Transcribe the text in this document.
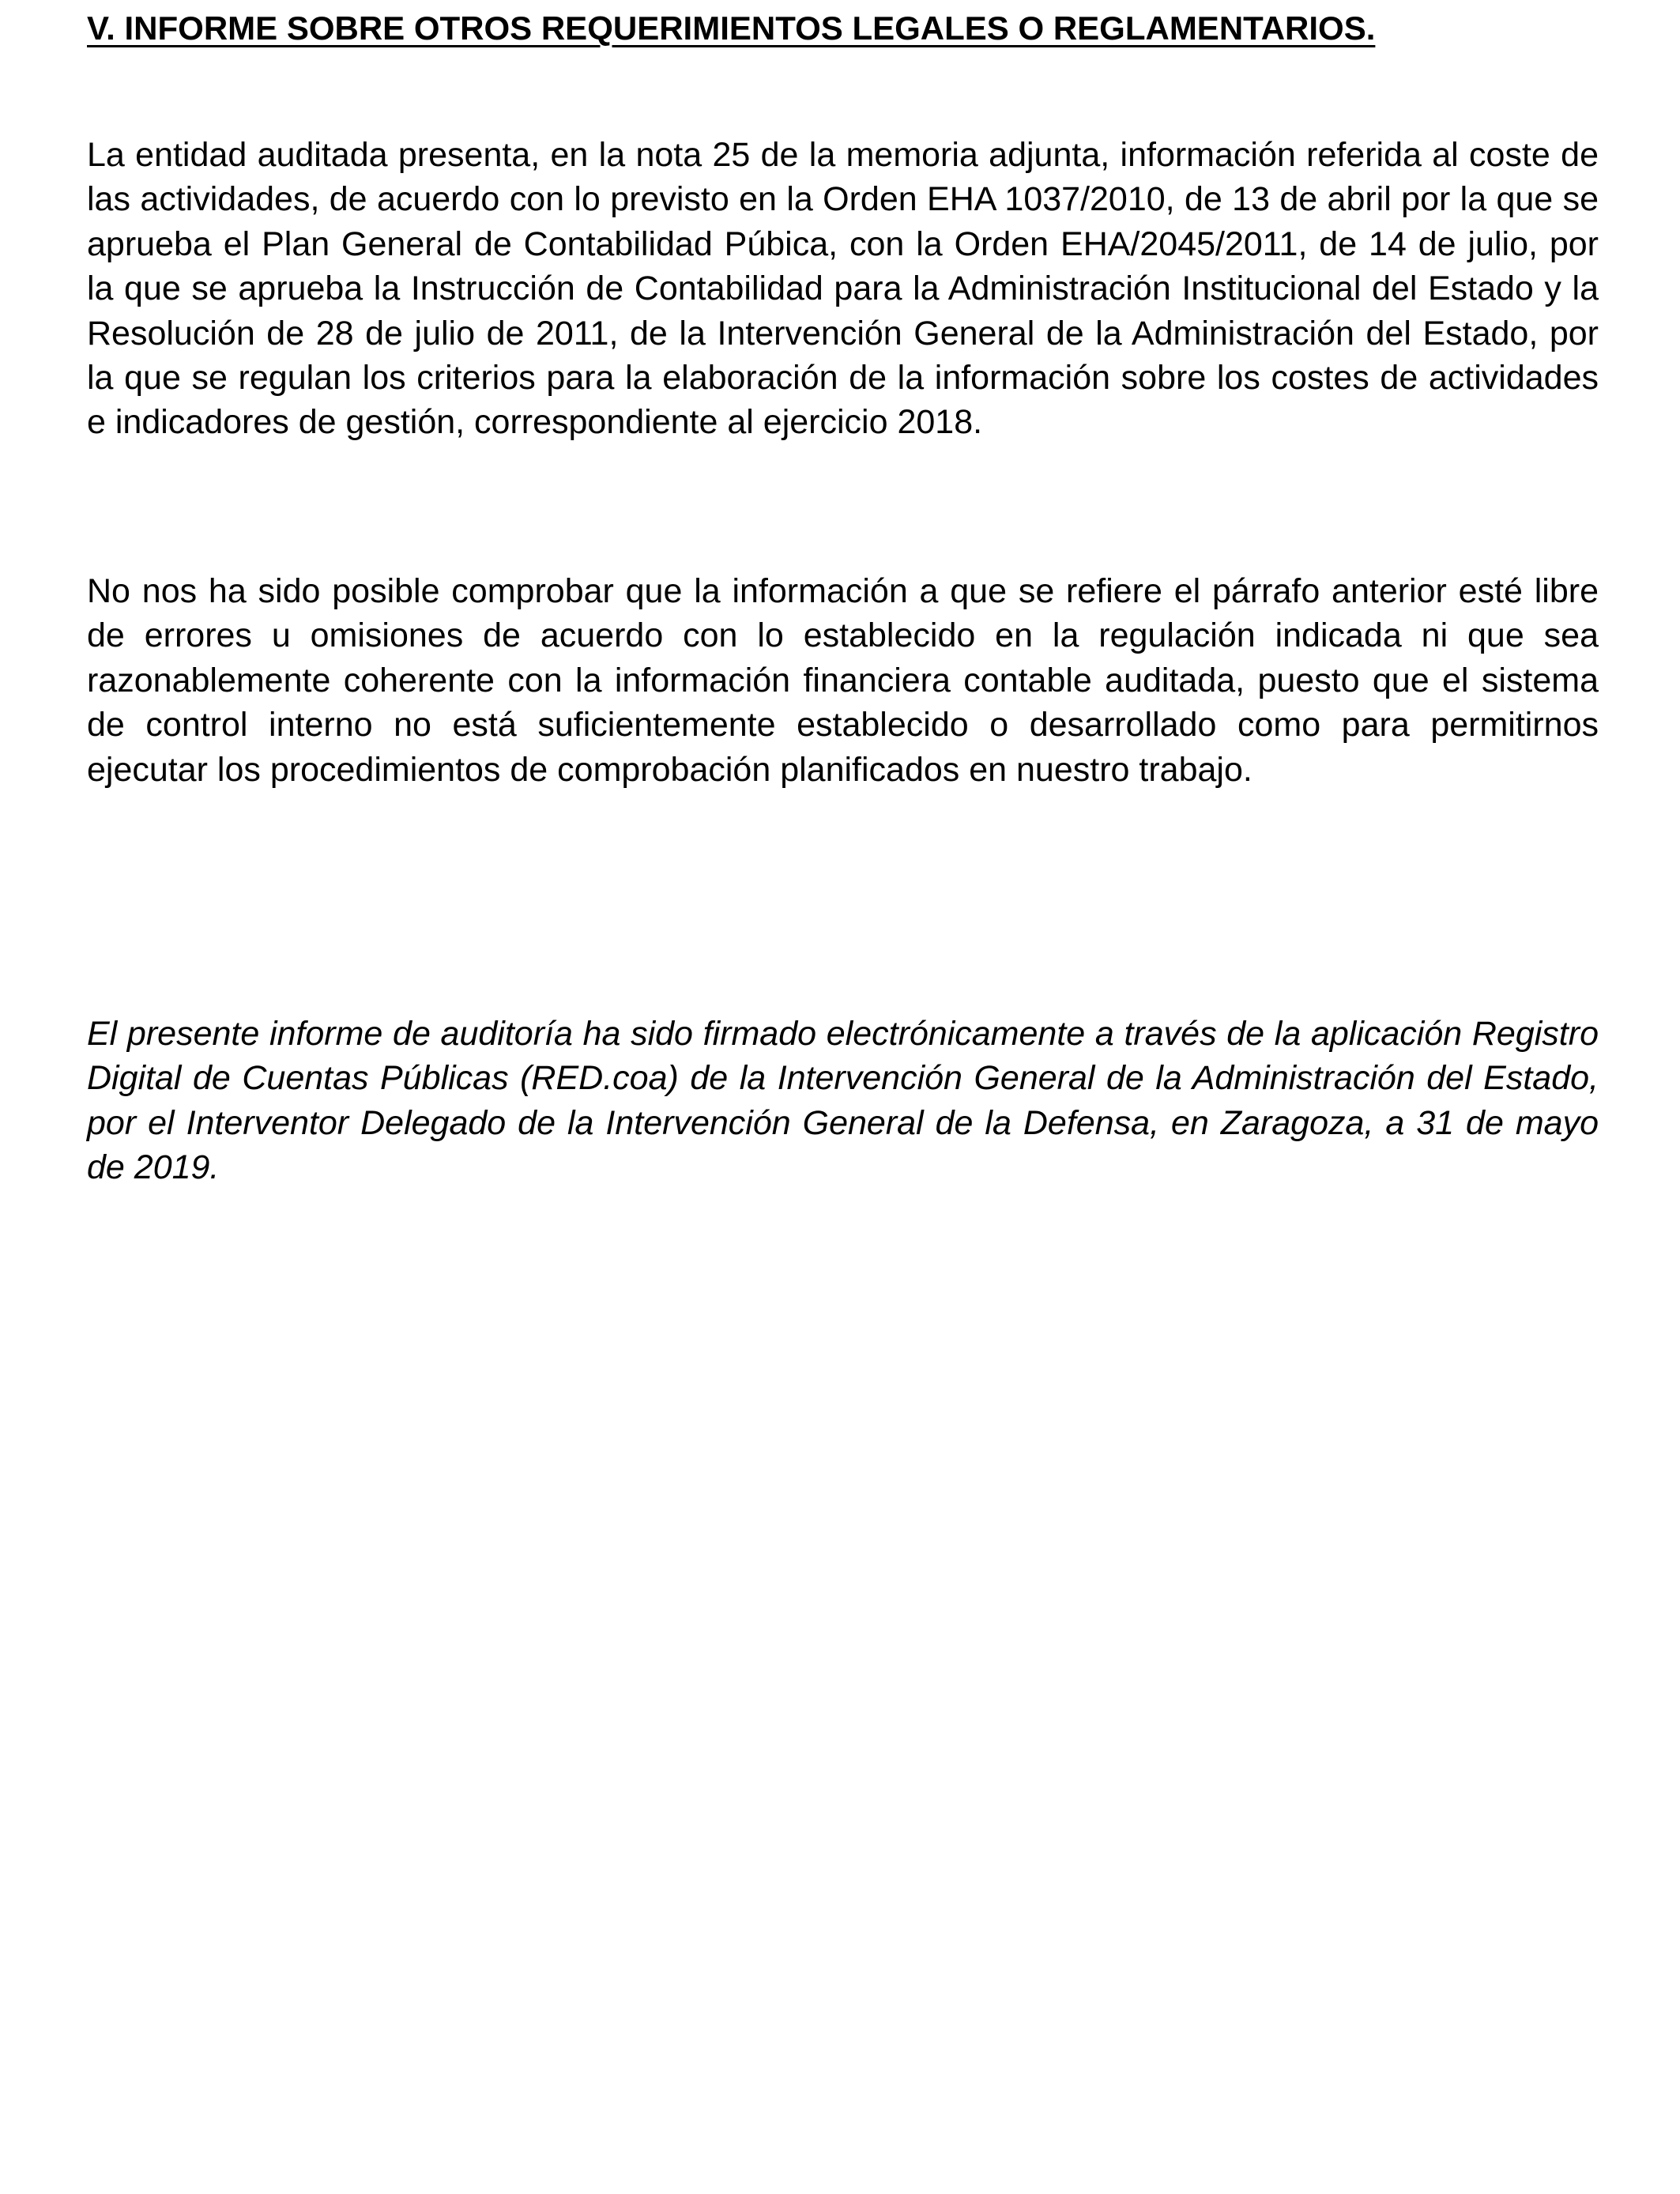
V. INFORME SOBRE OTROS REQUERIMIENTOS LEGALES O REGLAMENTARIOS.

La entidad auditada presenta, en la nota 25 de la memoria adjunta, información referida al coste de las actividades, de acuerdo con lo previsto en la Orden EHA 1037/2010, de 13 de abril por la que se aprueba el Plan General de Contabilidad Púbica, con la Orden EHA/2045/2011, de 14 de julio, por la que se aprueba la Instrucción de Contabilidad para la Administración Institucional del Estado y la Resolución de 28 de julio de 2011, de la Intervención General de la Administración del Estado, por la que se regulan los criterios para la elaboración de la información sobre los costes de actividades e indicadores de gestión, correspondiente al ejercicio 2018.

No nos ha sido posible comprobar que la información a que se refiere el párrafo anterior esté libre de errores u omisiones de acuerdo con lo establecido en la regulación indicada ni que sea razonablemente coherente con la información financiera contable auditada, puesto que el sistema de control interno no está suficientemente establecido o desarrollado como para permitirnos ejecutar los procedimientos de comprobación planificados en nuestro trabajo.

El presente informe de auditoría ha sido firmado electrónicamente a través de la aplicación Registro Digital de Cuentas Públicas (RED.coa) de la Intervención General de la Administración del Estado, por el Interventor Delegado de la Intervención General de la Defensa, en Zaragoza, a 31 de mayo de 2019.
